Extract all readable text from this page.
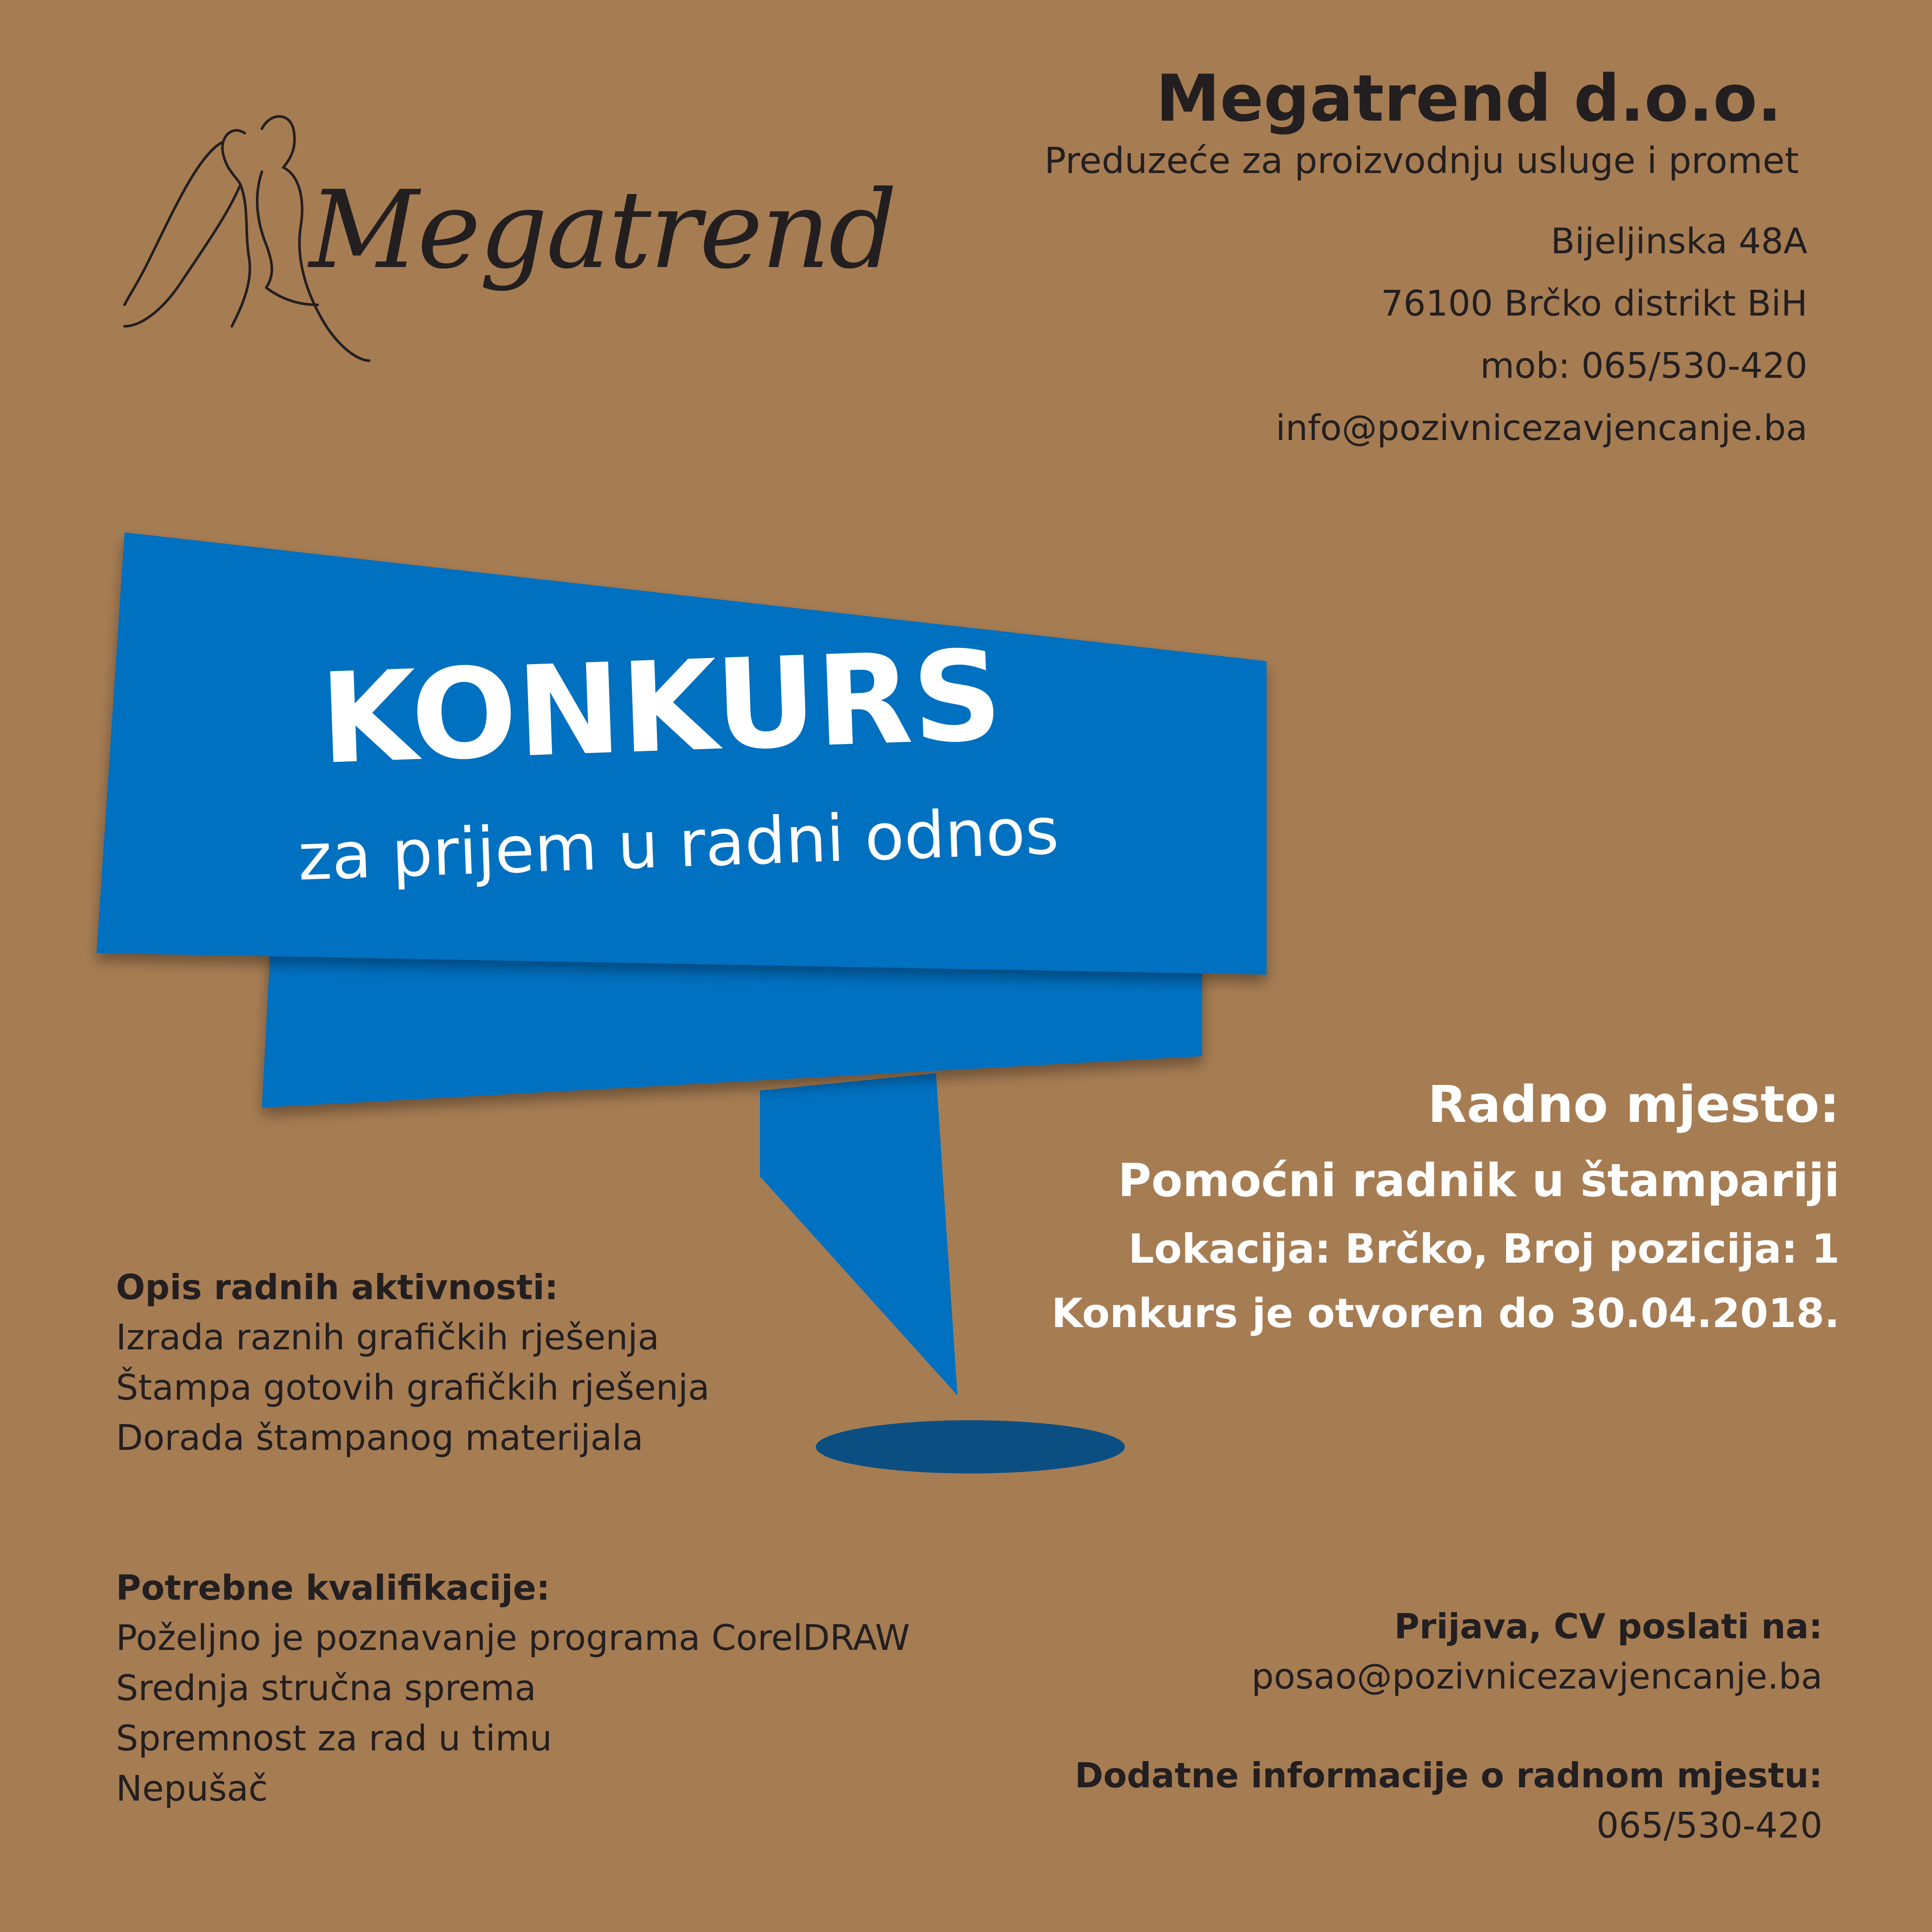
Megatrend
Megatrend d.o.o.
Preduzeće za proizvodnju usluge i promet
Bijeljinska 48A
76100 Brčko distrikt BiH
mob: 065/530-420
info@pozivnicezavjencanje.ba
KONKURS
za prijem u radni odnos
Radno mjesto:
Pomoćni radnik u štampariji
Lokacija: Brčko, Broj pozicija: 1
Konkurs je otvoren do 30.04.2018.
Opis radnih aktivnosti:
Izrada raznih grafičkih rješenja
Štampa gotovih grafičkih rješenja
Dorada štampanog materijala
Potrebne kvalifikacije:
Poželjno je poznavanje programa CorelDRAW
Srednja stručna sprema
Spremnost za rad u timu
Nepušač
Prijava, CV poslati na:
posao@pozivnicezavjencanje.ba
Dodatne informacije o radnom mjestu:
065/530-420
